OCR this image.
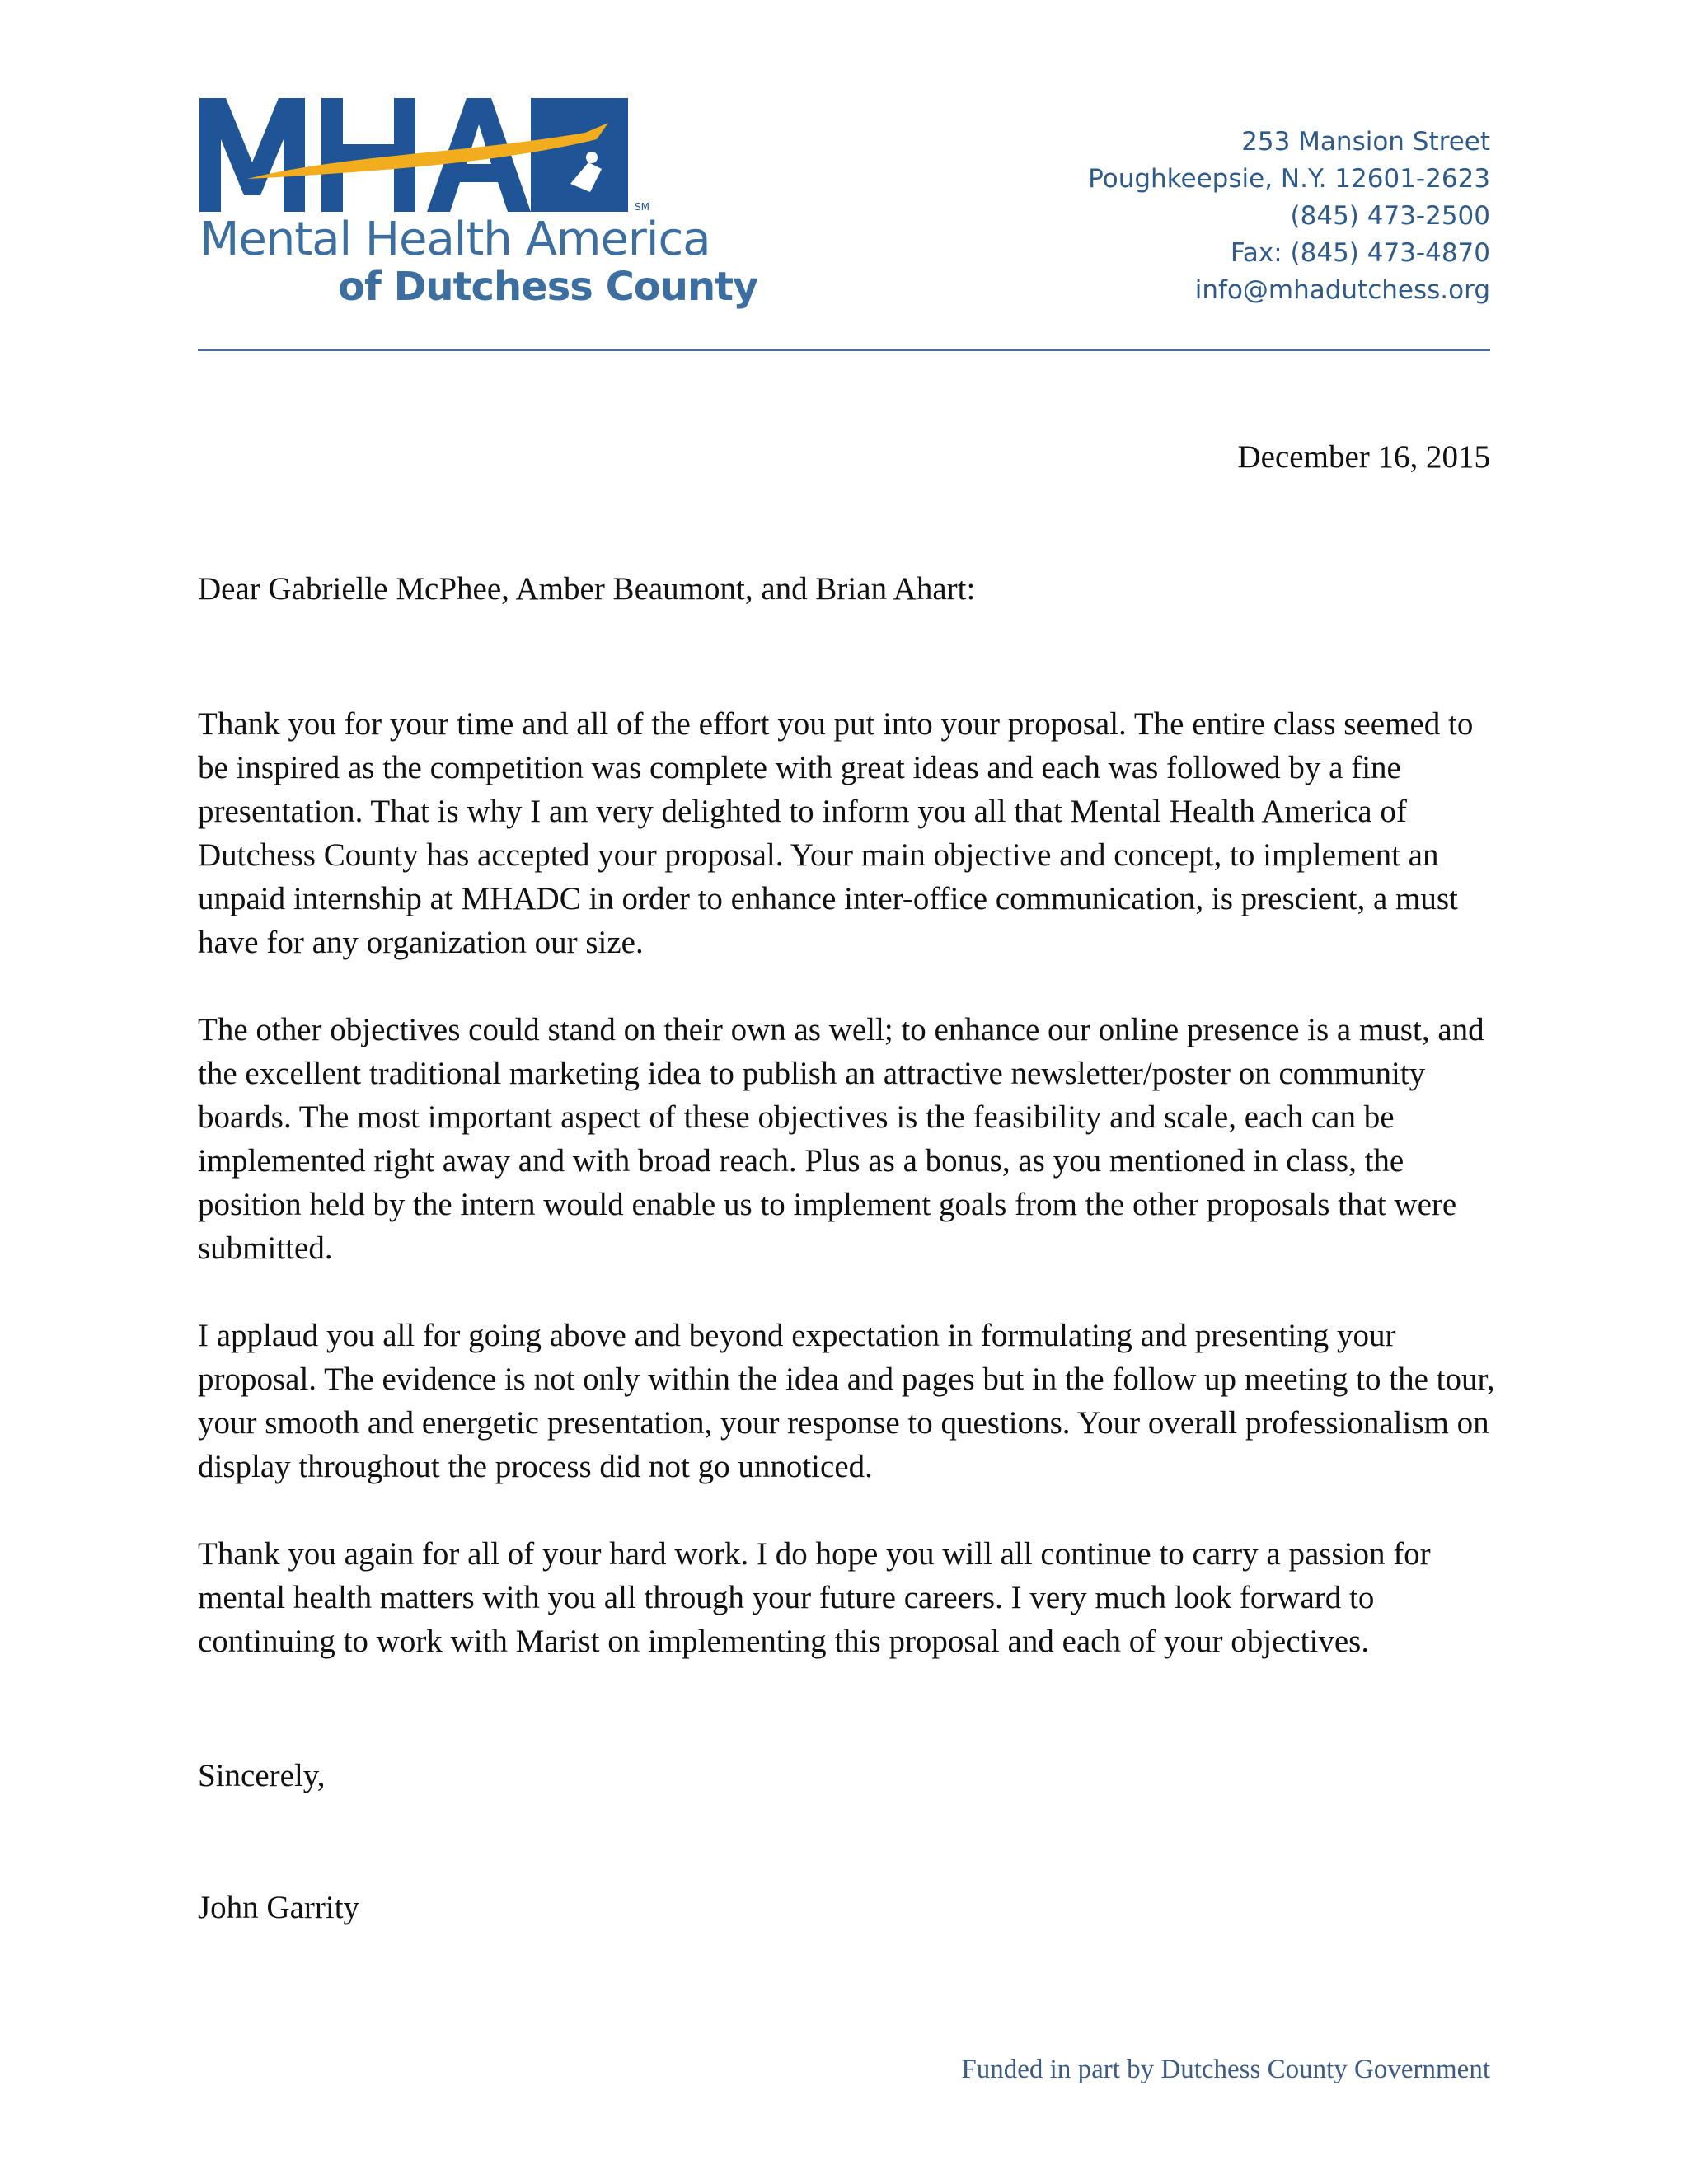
SM
Mental Health America
of Dutchess County
253 Mansion Street
Poughkeepsie, N.Y. 12601-2623
(845) 473-2500
Fax: (845) 473-4870
info@mhadutchess.org
December 16, 2015
Dear Gabrielle McPhee, Amber Beaumont, and Brian Ahart:

Thank you for your time and all of the effort you put into your proposal. The entire class seemed to be inspired as the competition was complete with great ideas and each was followed by a fine presentation. That is why I am very delighted to inform you all that Mental Health America of Dutchess County has accepted your proposal. Your main objective and concept, to implement an unpaid internship at MHADC in order to enhance inter-office communication, is prescient, a must have for any organization our size.

The other objectives could stand on their own as well; to enhance our online presence is a must, and the excellent traditional marketing idea to publish an attractive newsletter/poster on community boards. The most important aspect of these objectives is the feasibility and scale, each can be implemented right away and with broad reach. Plus as a bonus, as you mentioned in class, the position held by the intern would enable us to implement goals from the other proposals that were submitted.

I applaud you all for going above and beyond expectation in formulating and presenting your proposal. The evidence is not only within the idea and pages but in the follow up meeting to the tour, your smooth and energetic presentation, your response to questions. Your overall professionalism on display throughout the process did not go unnoticed.

Thank you again for all of your hard work. I do hope you will all continue to carry a passion for mental health matters with you all through your future careers. I very much look forward to continuing to work with Marist on implementing this proposal and each of your objectives.

Sincerely,
John Garrity
Funded in part by Dutchess County Government
